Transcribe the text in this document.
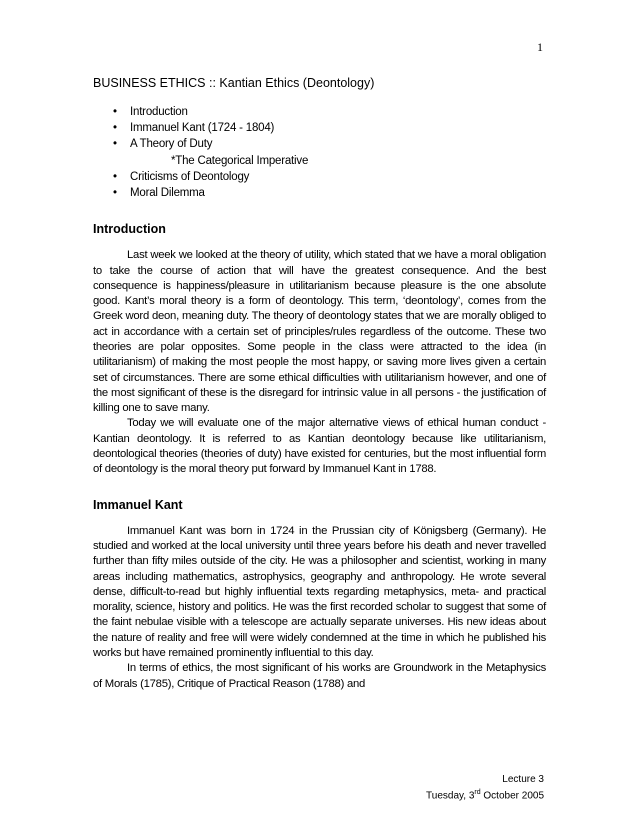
1
BUSINESS ETHICS :: Kantian Ethics (Deontology)
• Introduction
• Immanuel Kant (1724 - 1804)
• A Theory of Duty
*The Categorical Imperative
• Criticisms of Deontology
• Moral Dilemma
Introduction

Last week we looked at the theory of utility, which stated that we have a moral obligation to take the course of action that will have the greatest consequence. And the best consequence is happiness/pleasure in utilitarianism because pleasure is the one absolute good. Kant’s moral theory is a form of deontology. This term, ‘deontology’, comes from the Greek word deon, meaning duty. The theory of deontology states that we are morally obliged to act in accordance with a certain set of principles/rules regardless of the outcome. These two theories are polar opposites. Some people in the class were attracted to the idea (in utilitarianism) of making the most people the most happy, or saving more lives given a certain set of circumstances. There are some ethical difficulties with utilitarianism however, and one of the most significant of these is the disregard for intrinsic value in all persons - the justification of killing one to save many.

Today we will evaluate one of the major alternative views of ethical human conduct - Kantian deontology. It is referred to as Kantian deontology because like utilitarianism, deontological theories (theories of duty) have existed for centuries, but the most influential form of deontology is the moral theory put forward by Immanuel Kant in 1788.

Immanuel Kant

Immanuel Kant was born in 1724 in the Prussian city of Königsberg (Germany). He studied and worked at the local university until three years before his death and never travelled further than fifty miles outside of the city. He was a philosopher and scientist, working in many areas including mathematics, astrophysics, geography and anthropology. He wrote several dense, difficult-to-read but highly influential texts regarding metaphysics, meta- and practical morality, science, history and politics. He was the first recorded scholar to suggest that some of the faint nebulae visible with a telescope are actually separate universes. His new ideas about the nature of reality and free will were widely condemned at the time in which he published his works but have remained prominently influential to this day.

In terms of ethics, the most significant of his works are Groundwork in the Metaphysics of Morals (1785), Critique of Practical Reason (1788) and

Lecture 3
Tuesday, 3rd October 2005
